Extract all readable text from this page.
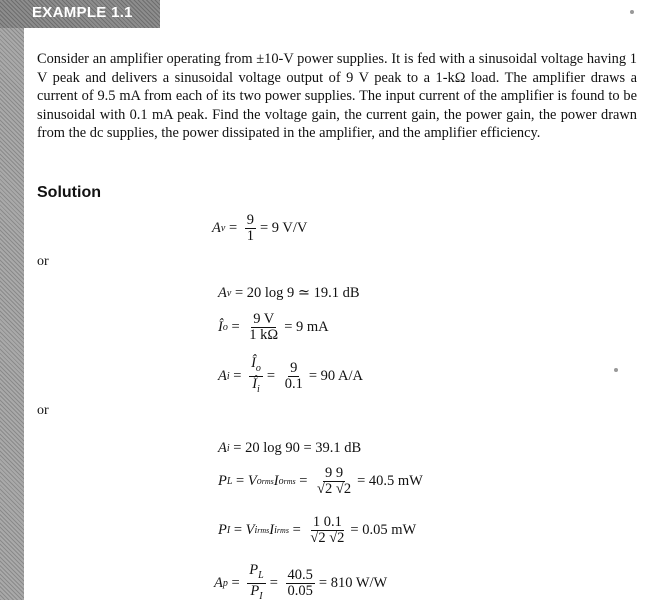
EXAMPLE 1.1

Consider an amplifier operating from ±10-V power supplies. It is fed with a sinusoidal voltage having 1 V peak and delivers a sinusoidal voltage output of 9 V peak to a 1-kΩ load. The amplifier draws a current of 9.5 mA from each of its two power supplies. The input current of the amplifier is found to be sinusoidal with 0.1 mA peak. Find the voltage gain, the current gain, the power gain, the power drawn from the dc supplies, the power dissipated in the amplifier, and the amplifier efficiency.

Solution
A $v = \frac{9}{1} = 9$ V/V
or
A v
= 20 log 9 ≃ 19.1 dB
Î $o = \frac{9 V}{1 k\Omega} = 9$ mA
A $i = \frac{Î_o}{Î_i} = \frac{9}{0.1} = 90$ A/A
or
A i
= 20 log 90 = 39.1 dB
P L = V o rms I o rms = $\frac{9 9}{√2 √2} = 40.5$ mW
P I = V i rms I i rms = $\frac{1 0.1}{√2 √2} = 0.05$ mW
A $p = \frac{P_L}{P_I} = \frac{40.5}{0.05} = 810$ W/W
